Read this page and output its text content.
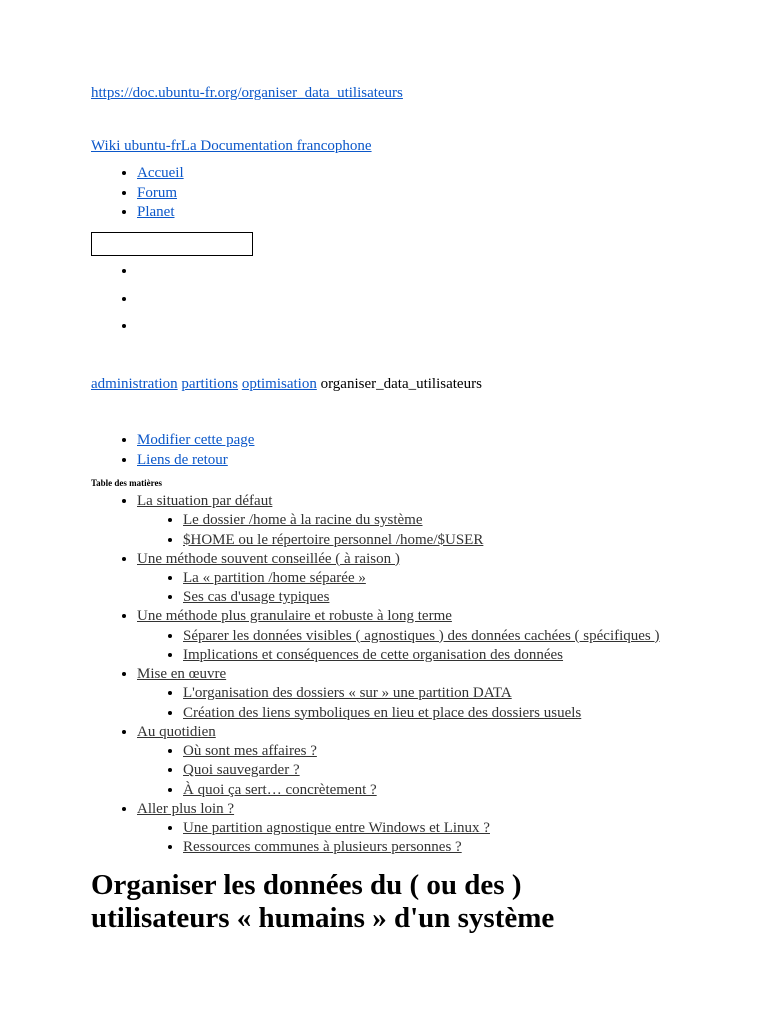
https://doc.ubuntu-fr.org/organiser_data_utilisateurs
Wiki ubuntu-frLa Documentation francophone
• Accueil
• Forum
• Planet
administration partitions optimisation organiser_data_utilisateurs
• Modifier cette page
• Liens de retour
Table des matières
• La situation par défaut
• Le dossier /home à la racine du système
• $HOME ou le répertoire personnel /home/$USER
• Une méthode souvent conseillée ( à raison )
• La « partition /home séparée »
• Ses cas d'usage typiques
• Une méthode plus granulaire et robuste à long terme
• Séparer les données visibles ( agnostiques ) des données cachées ( spécifiques )
• Implications et conséquences de cette organisation des données
• Mise en œuvre
• L'organisation des dossiers « sur » une partition DATA
• Création des liens symboliques en lieu et place des dossiers usuels
• Au quotidien
• Où sont mes affaires ?
• Quoi sauvegarder ?
• À quoi ça sert… concrètement ?
• Aller plus loin ?
• Une partition agnostique entre Windows et Linux ?
• Ressources communes à plusieurs personnes ?
Organiser les données du ( ou des )
utilisateurs « humains » d'un système
